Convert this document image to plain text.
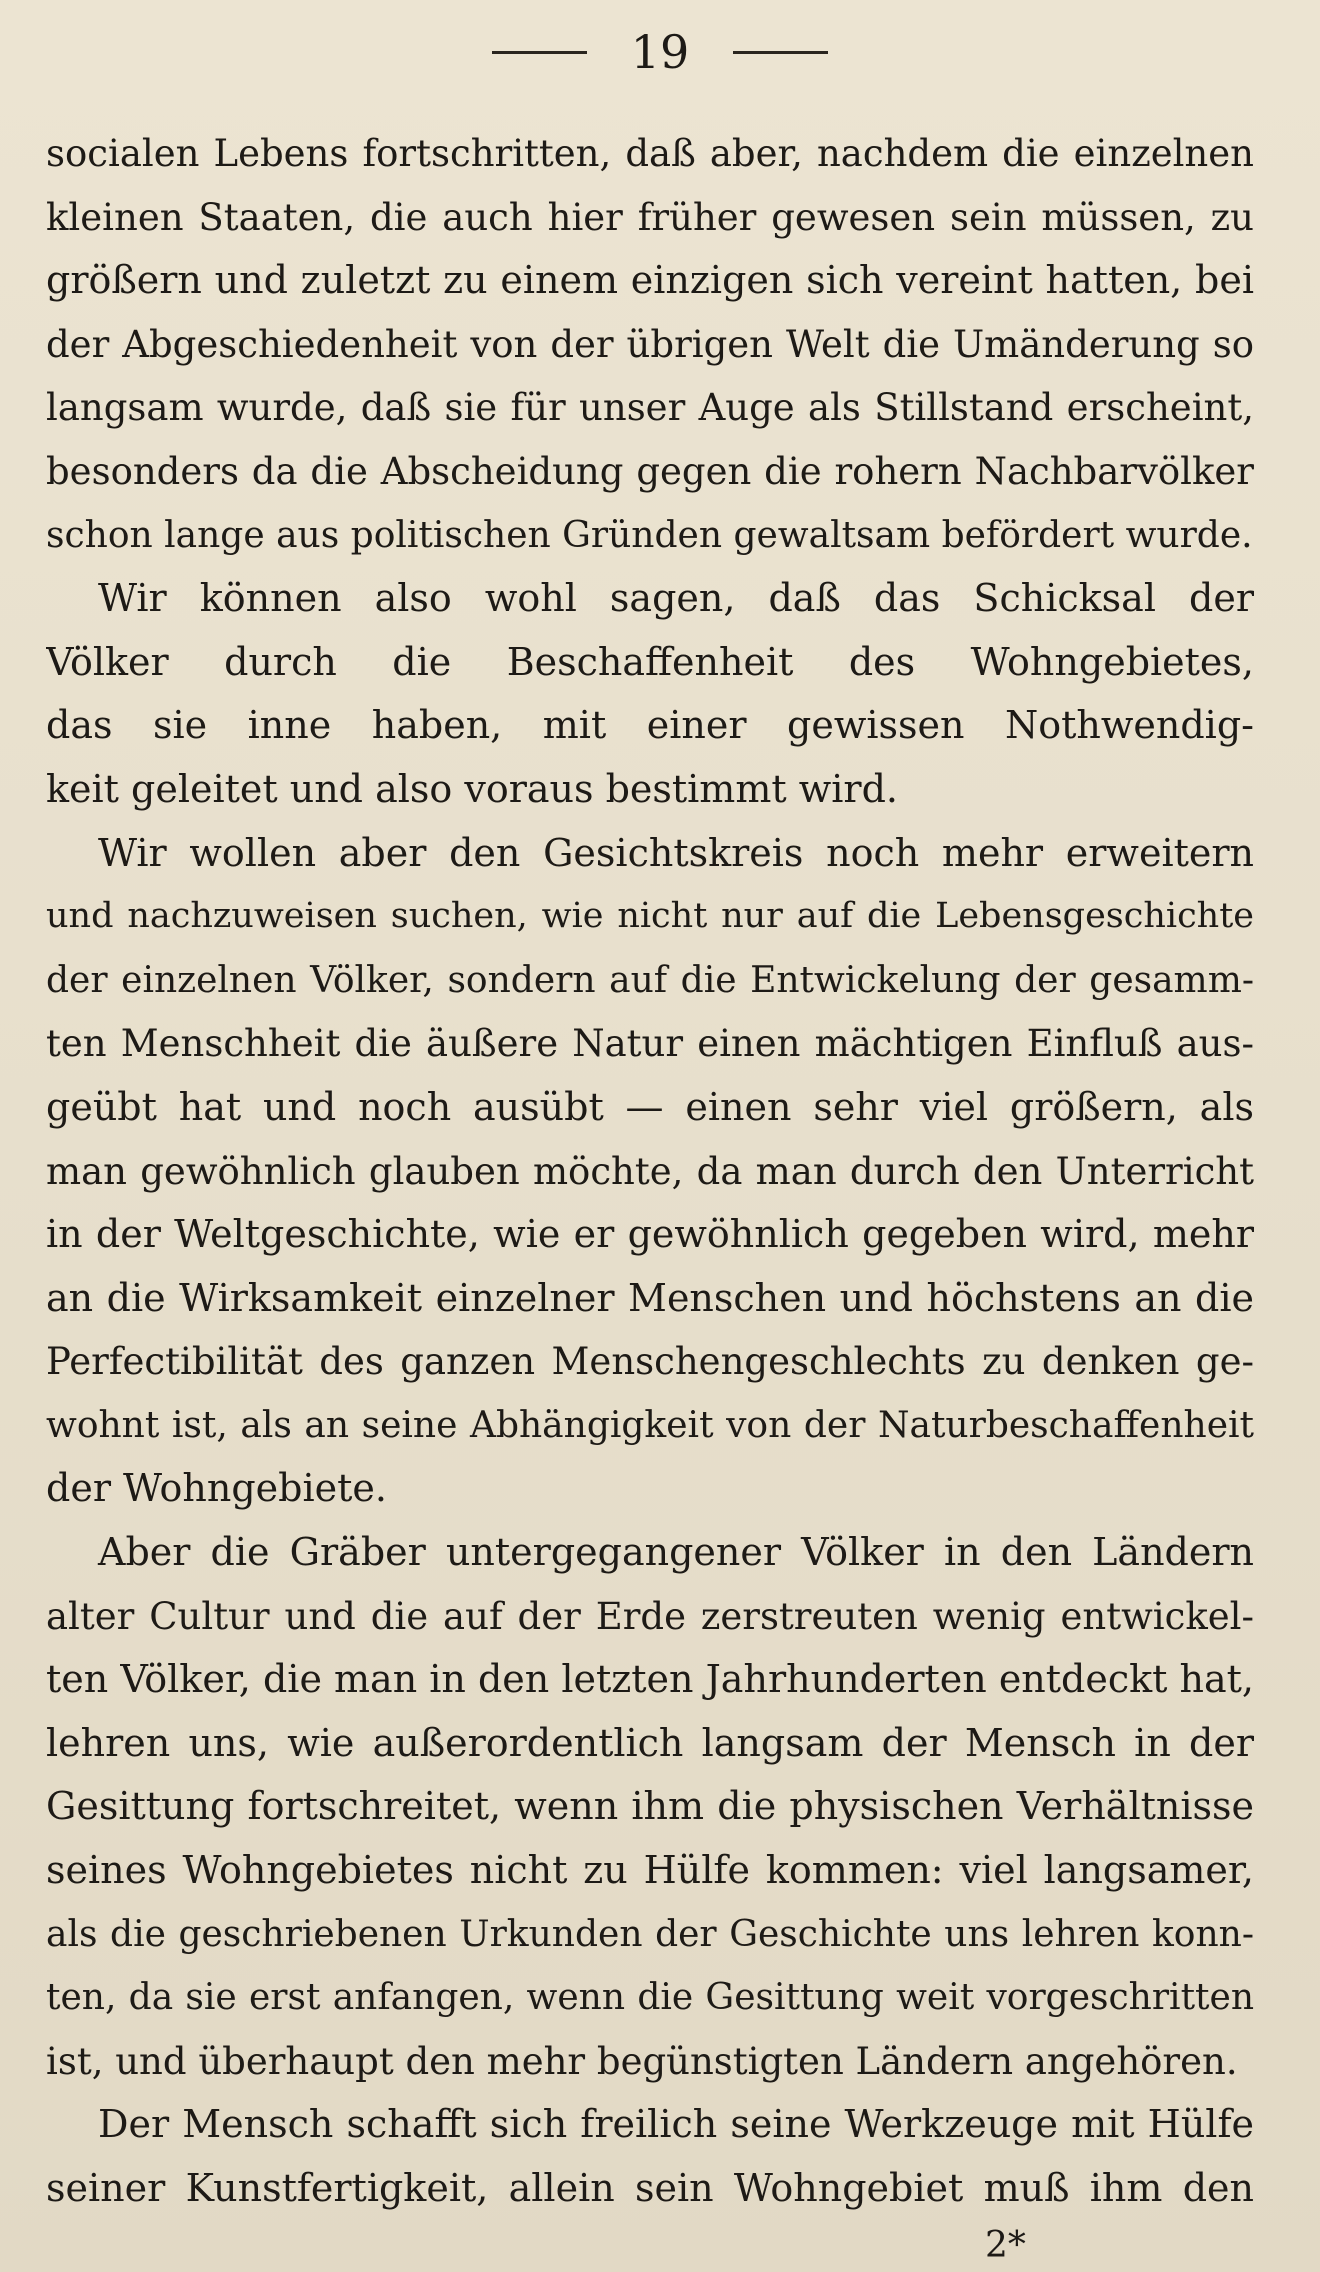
19
socialen Lebens fortschritten, daß aber, nachdem die einzelnen
kleinen Staaten, die auch hier früher gewesen sein müssen, zu
größern und zuletzt zu einem einzigen sich vereint hatten, bei
der Abgeschiedenheit von der übrigen Welt die Umänderung so
langsam wurde, daß sie für unser Auge als Stillstand erscheint,
besonders da die Abscheidung gegen die rohern Nachbarvölker
schon lange aus politischen Gründen gewaltsam befördert wurde.
Wir können also wohl sagen, daß das Schicksal der
Völker durch die Beschaffenheit des Wohngebietes,
das sie inne haben, mit einer gewissen Nothwendig-
keit geleitet und also voraus bestimmt wird.
Wir wollen aber den Gesichtskreis noch mehr erweitern
und nachzuweisen suchen, wie nicht nur auf die Lebensgeschichte
der einzelnen Völker, sondern auf die Entwickelung der gesamm-
ten Menschheit die äußere Natur einen mächtigen Einfluß aus-
geübt hat und noch ausübt — einen sehr viel größern, als
man gewöhnlich glauben möchte, da man durch den Unterricht
in der Weltgeschichte, wie er gewöhnlich gegeben wird, mehr
an die Wirksamkeit einzelner Menschen und höchstens an die
Perfectibilität des ganzen Menschengeschlechts zu denken ge-
wohnt ist, als an seine Abhängigkeit von der Naturbeschaffenheit
der Wohngebiete.
Aber die Gräber untergegangener Völker in den Ländern
alter Cultur und die auf der Erde zerstreuten wenig entwickel-
ten Völker, die man in den letzten Jahrhunderten entdeckt hat,
lehren uns, wie außerordentlich langsam der Mensch in der
Gesittung fortschreitet, wenn ihm die physischen Verhältnisse
seines Wohngebietes nicht zu Hülfe kommen: viel langsamer,
als die geschriebenen Urkunden der Geschichte uns lehren konn-
ten, da sie erst anfangen, wenn die Gesittung weit vorgeschritten
ist, und überhaupt den mehr begünstigten Ländern angehören.
Der Mensch schafft sich freilich seine Werkzeuge mit Hülfe
seiner Kunstfertigkeit, allein sein Wohngebiet muß ihm den
2*
